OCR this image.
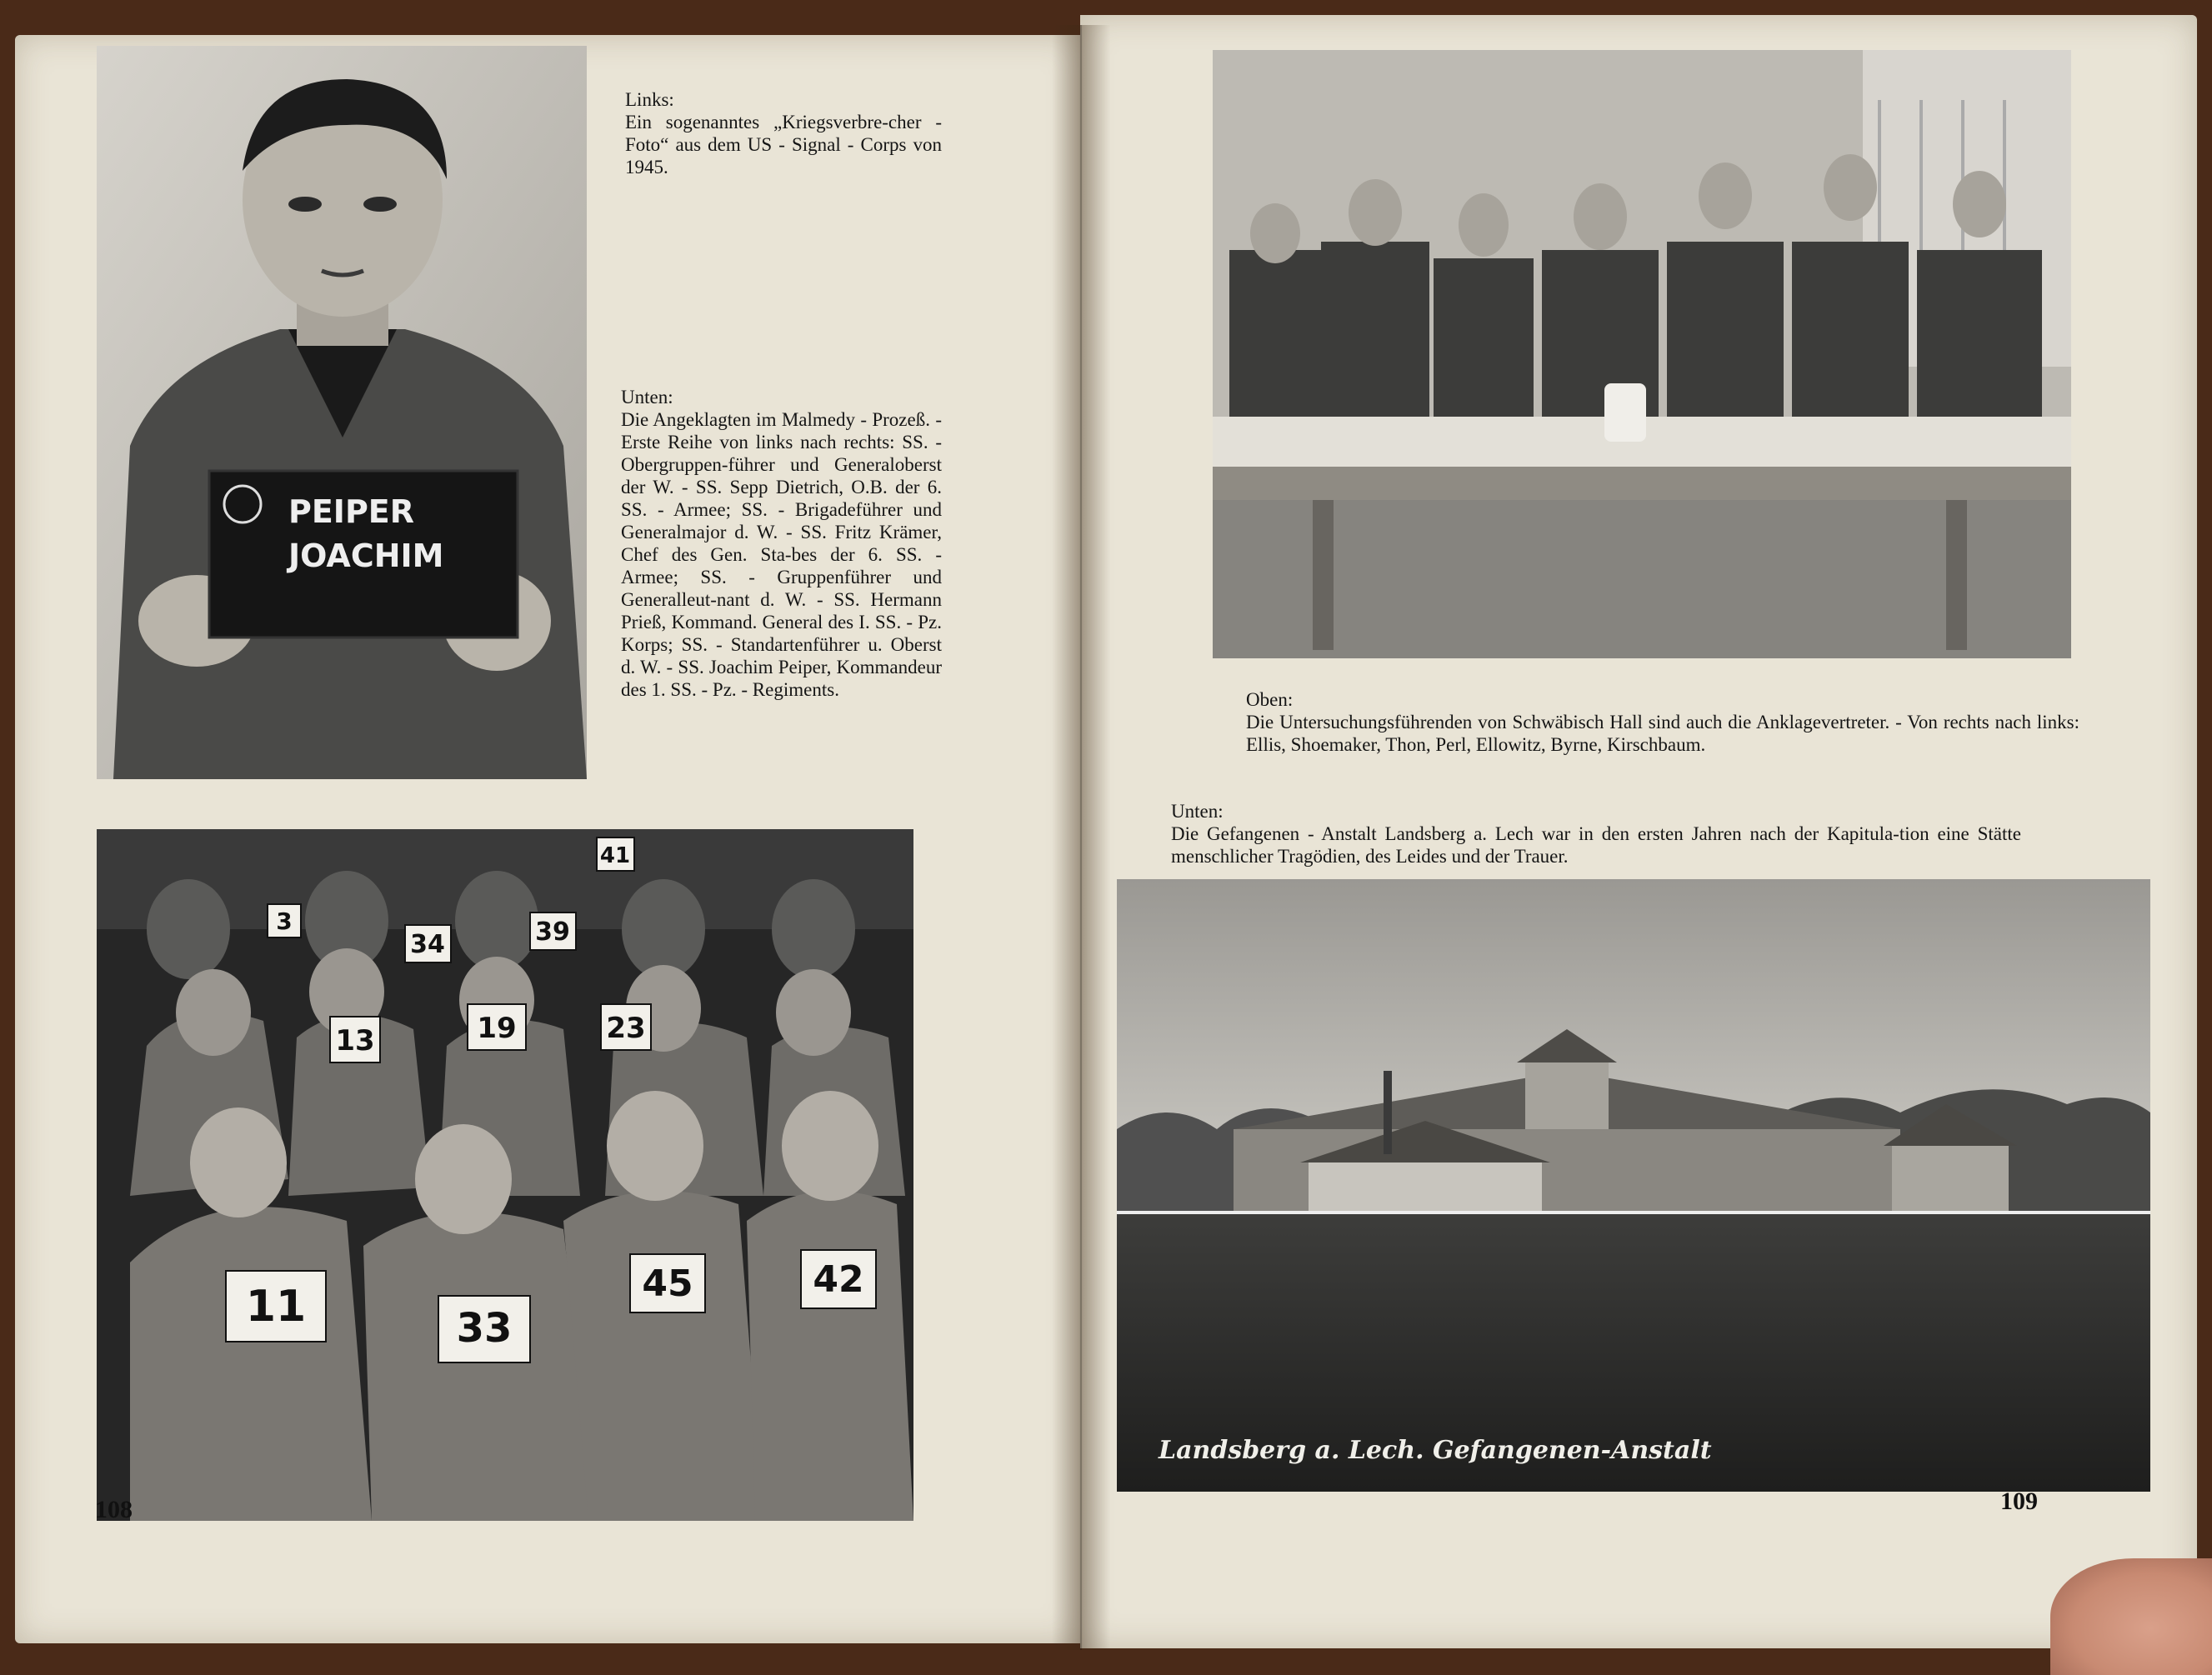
PEIPER
JOACHIM
Links:
Ein sogenanntes „Kriegsverbre-cher - Foto“ aus dem US - Signal - Corps von 1945.
Unten:
Die Angeklagten im Malmedy - Prozeß. - Erste Reihe von links nach rechts: SS. - Obergruppen-führer und Generaloberst der W. - SS. Sepp Dietrich, O.B. der 6. SS. - Armee; SS. - Brigadeführer und Generalmajor d. W. - SS. Fritz Krämer, Chef des Gen. Sta-bes der 6. SS. - Armee; SS. - Gruppenführer und Generalleut-nant d. W. - SS. Hermann Prieß, Kommand. General des I. SS. - Pz. Korps; SS. - Standartenführer u. Oberst d. W. - SS. Joachim Peiper, Kommandeur des 1. SS. - Pz. - Regiments.
11	33
45	42
13	19	23
34	39
41
3
108
Oben:
Die Untersuchungsführenden von Schwäbisch Hall sind auch die Anklagevertreter. - Von rechts nach links: Ellis, Shoemaker, Thon, Perl, Ellowitz, Byrne, Kirschbaum.
Unten:
Die Gefangenen - Anstalt Landsberg a. Lech war in den ersten Jahren nach der Kapitula-tion eine Stätte menschlicher Tragödien, des Leides und der Trauer.
Landsberg a. Lech. Gefangenen-Anstalt
109
